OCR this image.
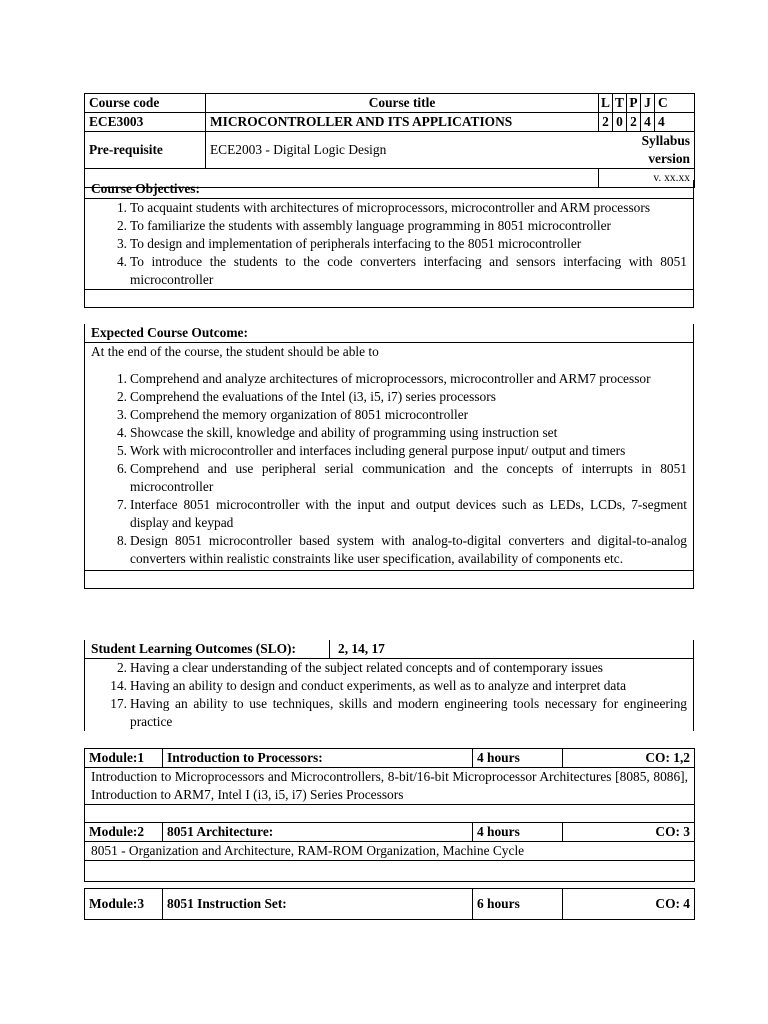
Course code	Course title	L	T	P	J	C
ECE3003	MICROCONTROLLER AND ITS APPLICATIONS	2	0	2	4	4
Pre-requisite	ECE2003 - Digital Logic Design	Syllabus version				
		v. xx.xx				
Course Objectives:
1. To acquaint students with architectures of microprocessors, microcontroller and ARM processors
2. To familiarize the students with assembly language programming in 8051 microcontroller
3. To design and implementation of peripherals interfacing to the 8051 microcontroller
4. To introduce the students to the code converters interfacing and sensors interfacing with 8051 microcontroller
Expected Course Outcome:
At the end of the course, the student should be able to
1. Comprehend and analyze architectures of microprocessors, microcontroller and ARM7 processor
2. Comprehend the evaluations of the Intel (i3, i5, i7) series processors
3. Comprehend the memory organization of 8051 microcontroller
4. Showcase the skill, knowledge and ability of programming using instruction set
5. Work with microcontroller and interfaces including general purpose input/ output and timers
6. Comprehend and use peripheral serial communication and the concepts of interrupts in 8051 microcontroller
7. Interface 8051 microcontroller with the input and output devices such as LEDs, LCDs, 7-segment display and keypad
8. Design 8051 microcontroller based system with analog-to-digital converters and digital-to-analog converters within realistic constraints like user specification, availability of components etc.
Student Learning Outcomes (SLO):	2, 14, 17
2. Having a clear understanding of the subject related concepts and of contemporary issues
14. Having an ability to design and conduct experiments, as well as to analyze and interpret data
17. Having an ability to use techniques, skills and modern engineering tools necessary for engineering practice
Module:1	Introduction to Processors:	4 hours	CO: 1,2
Introduction to Microprocessors and Microcontrollers, 8-bit/16-bit Microprocessor Architectures [8085, 8086], Introduction to ARM7, Intel I (i3, i5, i7) Series Processors

Module:2	8051 Architecture:	4 hours	CO: 3
8051 - Organization and Architecture, RAM-ROM Organization, Machine Cycle

Module:3	8051 Instruction Set:	6 hours	CO: 4
